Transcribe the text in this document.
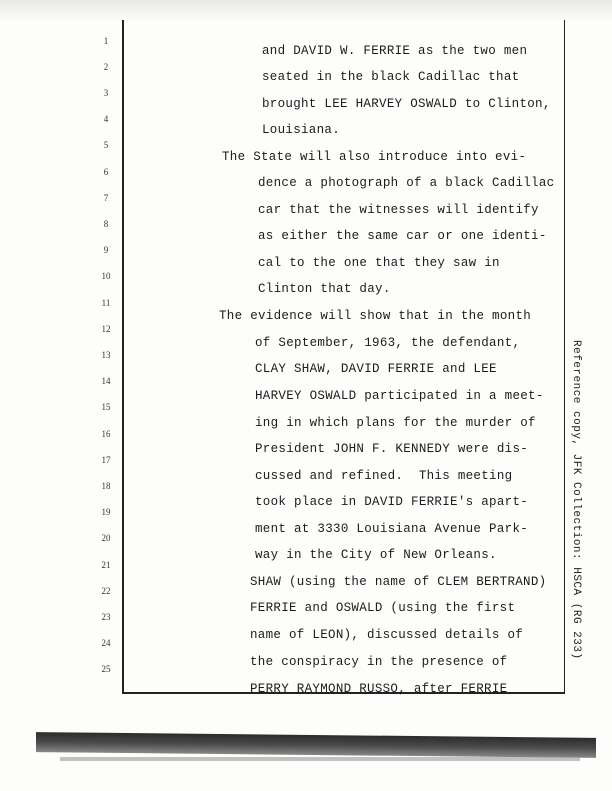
1
2
3
4
5
6
7
8
9
10
11
12
13
14
15
16
17
18
19
20
21
22
23
24
25
and DAVID W. FERRIE as the two men
seated in the black Cadillac that
brought LEE HARVEY OSWALD to Clinton,
Louisiana.
The State will also introduce into evi-
dence a photograph of a black Cadillac
car that the witnesses will identify
as either the same car or one identi-
cal to the one that they saw in
Clinton that day.
The evidence will show that in the month
of September, 1963, the defendant,
CLAY SHAW, DAVID FERRIE and LEE
HARVEY OSWALD participated in a meet-
ing in which plans for the murder of
President JOHN F. KENNEDY were dis-
cussed and refined.  This meeting
took place in DAVID FERRIE's apart-
ment at 3330 Louisiana Avenue Park-
way in the City of New Orleans.
SHAW (using the name of CLEM BERTRAND)
FERRIE and OSWALD (using the first
name of LEON), discussed details of
the conspiracy in the presence of
PERRY RAYMOND RUSSO, after FERRIE
Reference copy, JFK Collection: HSCA (RG 233)
